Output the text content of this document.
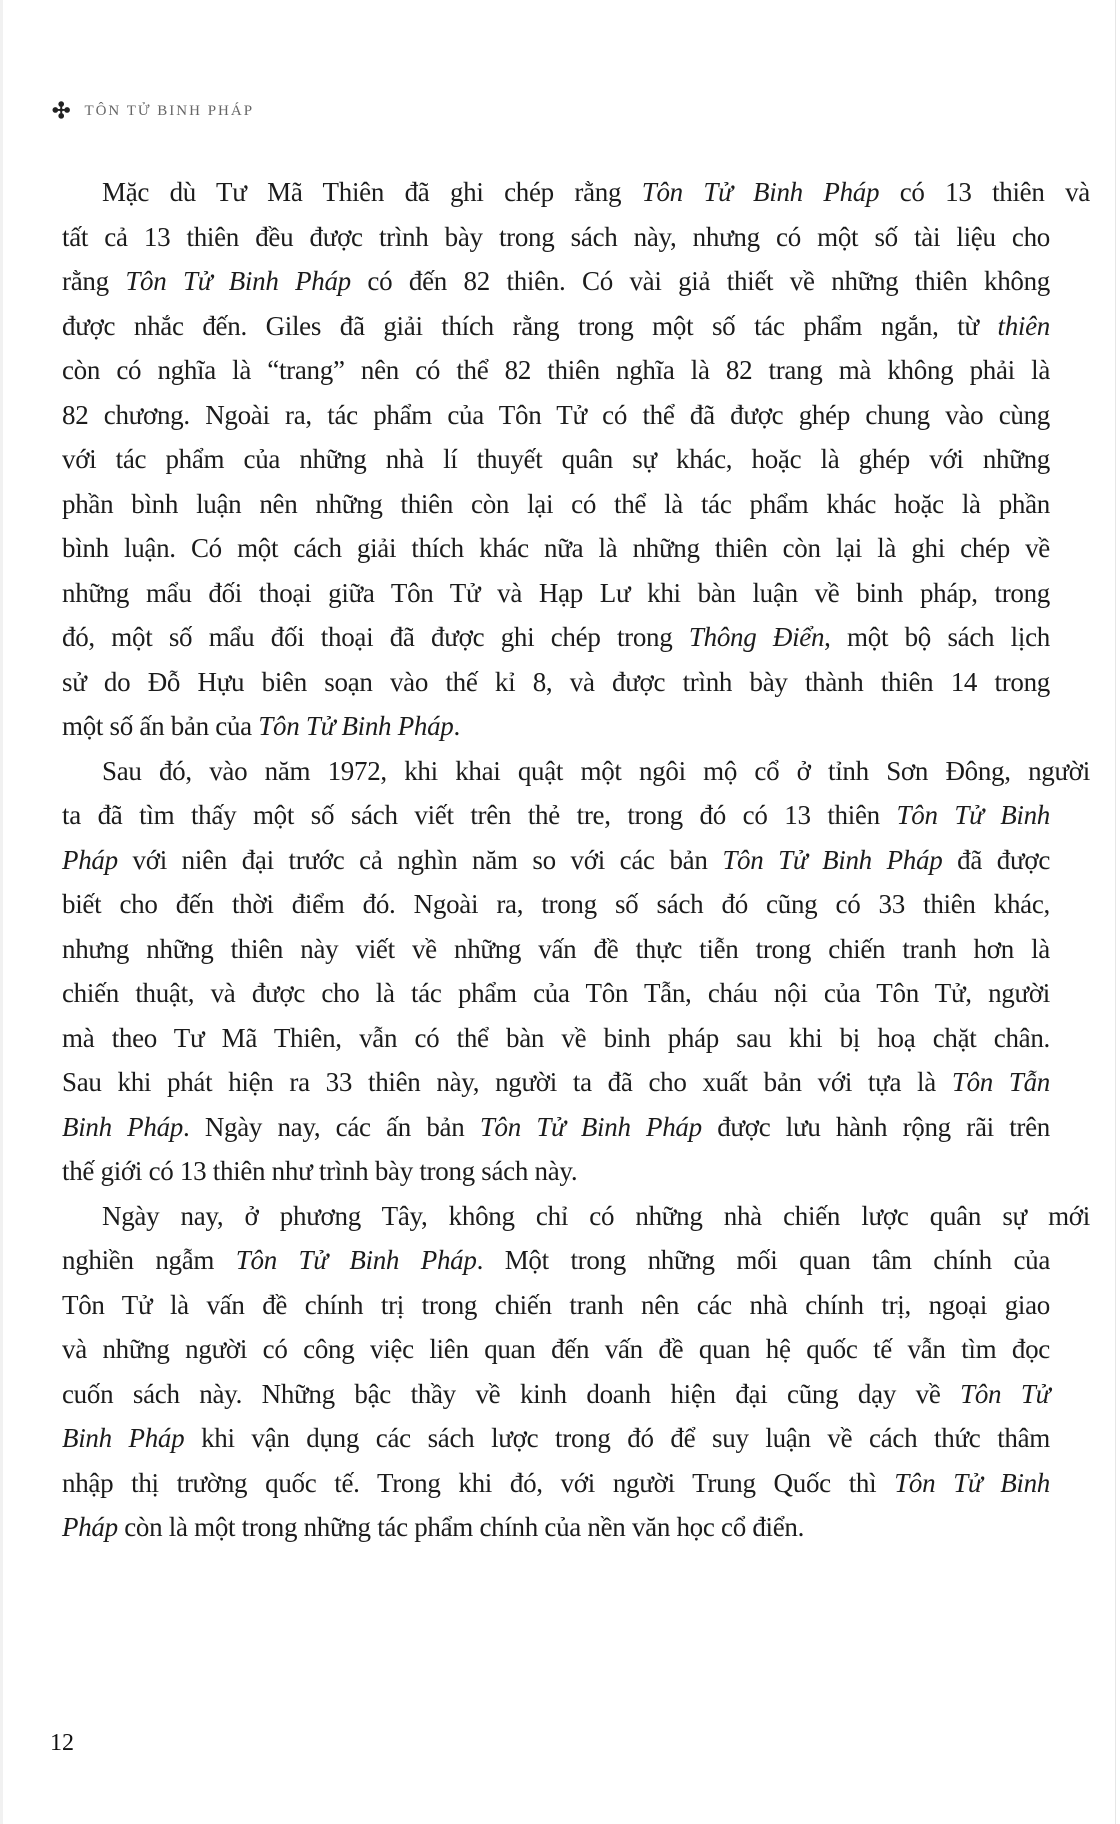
✣ TÔN TỬ BINH PHÁP
Mặc dù Tư Mã Thiên đã ghi chép rằng Tôn Tử Binh Pháp có 13 thiên và
tất cả 13 thiên đều được trình bày trong sách này, nhưng có một số tài liệu cho
rằng Tôn Tử Binh Pháp có đến 82 thiên. Có vài giả thiết về những thiên không
được nhắc đến. Giles đã giải thích rằng trong một số tác phẩm ngắn, từ thiên
còn có nghĩa là “trang” nên có thể 82 thiên nghĩa là 82 trang mà không phải là
82 chương. Ngoài ra, tác phẩm của Tôn Tử có thể đã được ghép chung vào cùng
với tác phẩm của những nhà lí thuyết quân sự khác, hoặc là ghép với những
phần bình luận nên những thiên còn lại có thể là tác phẩm khác hoặc là phần
bình luận. Có một cách giải thích khác nữa là những thiên còn lại là ghi chép về
những mẩu đối thoại giữa Tôn Tử và Hạp Lư khi bàn luận về binh pháp, trong
đó, một số mẩu đối thoại đã được ghi chép trong Thông Điển, một bộ sách lịch
sử do Đỗ Hựu biên soạn vào thế kỉ 8, và được trình bày thành thiên 14 trong
một số ấn bản của Tôn Tử Binh Pháp.
Sau đó, vào năm 1972, khi khai quật một ngôi mộ cổ ở tỉnh Sơn Đông, người
ta đã tìm thấy một số sách viết trên thẻ tre, trong đó có 13 thiên Tôn Tử Binh
Pháp với niên đại trước cả nghìn năm so với các bản Tôn Tử Binh Pháp đã được
biết cho đến thời điểm đó. Ngoài ra, trong số sách đó cũng có 33 thiên khác,
nhưng những thiên này viết về những vấn đề thực tiễn trong chiến tranh hơn là
chiến thuật, và được cho là tác phẩm của Tôn Tẫn, cháu nội của Tôn Tử, người
mà theo Tư Mã Thiên, vẫn có thể bàn về binh pháp sau khi bị hoạ chặt chân.
Sau khi phát hiện ra 33 thiên này, người ta đã cho xuất bản với tựa là Tôn Tẫn
Binh Pháp. Ngày nay, các ấn bản Tôn Tử Binh Pháp được lưu hành rộng rãi trên
thế giới có 13 thiên như trình bày trong sách này.
Ngày nay, ở phương Tây, không chỉ có những nhà chiến lược quân sự mới
nghiền ngẫm Tôn Tử Binh Pháp. Một trong những mối quan tâm chính của
Tôn Tử là vấn đề chính trị trong chiến tranh nên các nhà chính trị, ngoại giao
và những người có công việc liên quan đến vấn đề quan hệ quốc tế vẫn tìm đọc
cuốn sách này. Những bậc thầy về kinh doanh hiện đại cũng dạy về Tôn Tử
Binh Pháp khi vận dụng các sách lược trong đó để suy luận về cách thức thâm
nhập thị trường quốc tế. Trong khi đó, với người Trung Quốc thì Tôn Tử Binh
Pháp còn là một trong những tác phẩm chính của nền văn học cổ điển.
12
